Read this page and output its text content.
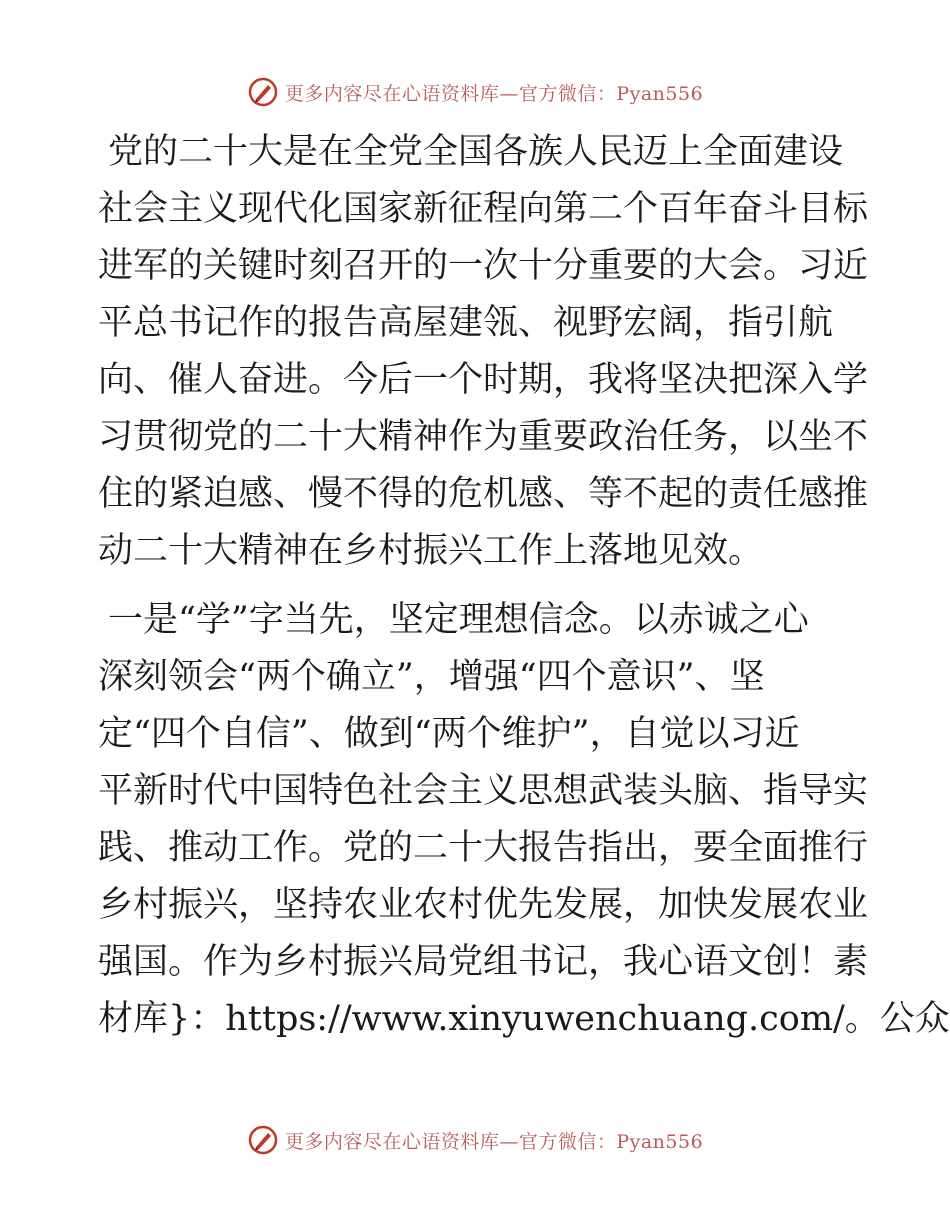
更多内容尽在心语资料库—官方微信：Pyan556
党的二十大是在全党全国各族人民迈上全面建设
社会主义现代化国家新征程向第二个百年奋斗目标
进军的关键时刻召开的一次十分重要的大会。习近
平总书记作的报告高屋建瓴、视野宏阔，指引航
向、催人奋进。今后一个时期，我将坚决把深入学
习贯彻党的二十大精神作为重要政治任务，以坐不
住的紧迫感、慢不得的危机感、等不起的责任感推
动二十大精神在乡村振兴工作上落地见效。
一是“学”字当先，坚定理想信念。以赤诚之心
深刻领会“两个确立”，增强“四个意识”、坚
定“四个自信”、做到“两个维护”，自觉以习近
平新时代中国特色社会主义思想武装头脑、指导实
践、推动工作。党的二十大报告指出，要全面推行
乡村振兴，坚持农业农村优先发展，加快发展农业
强国。作为乡村振兴局党组书记，我心语文创！素
材库}：https://www.xinyuwenchuang.com/。公众
更多内容尽在心语资料库—官方微信：Pyan556
